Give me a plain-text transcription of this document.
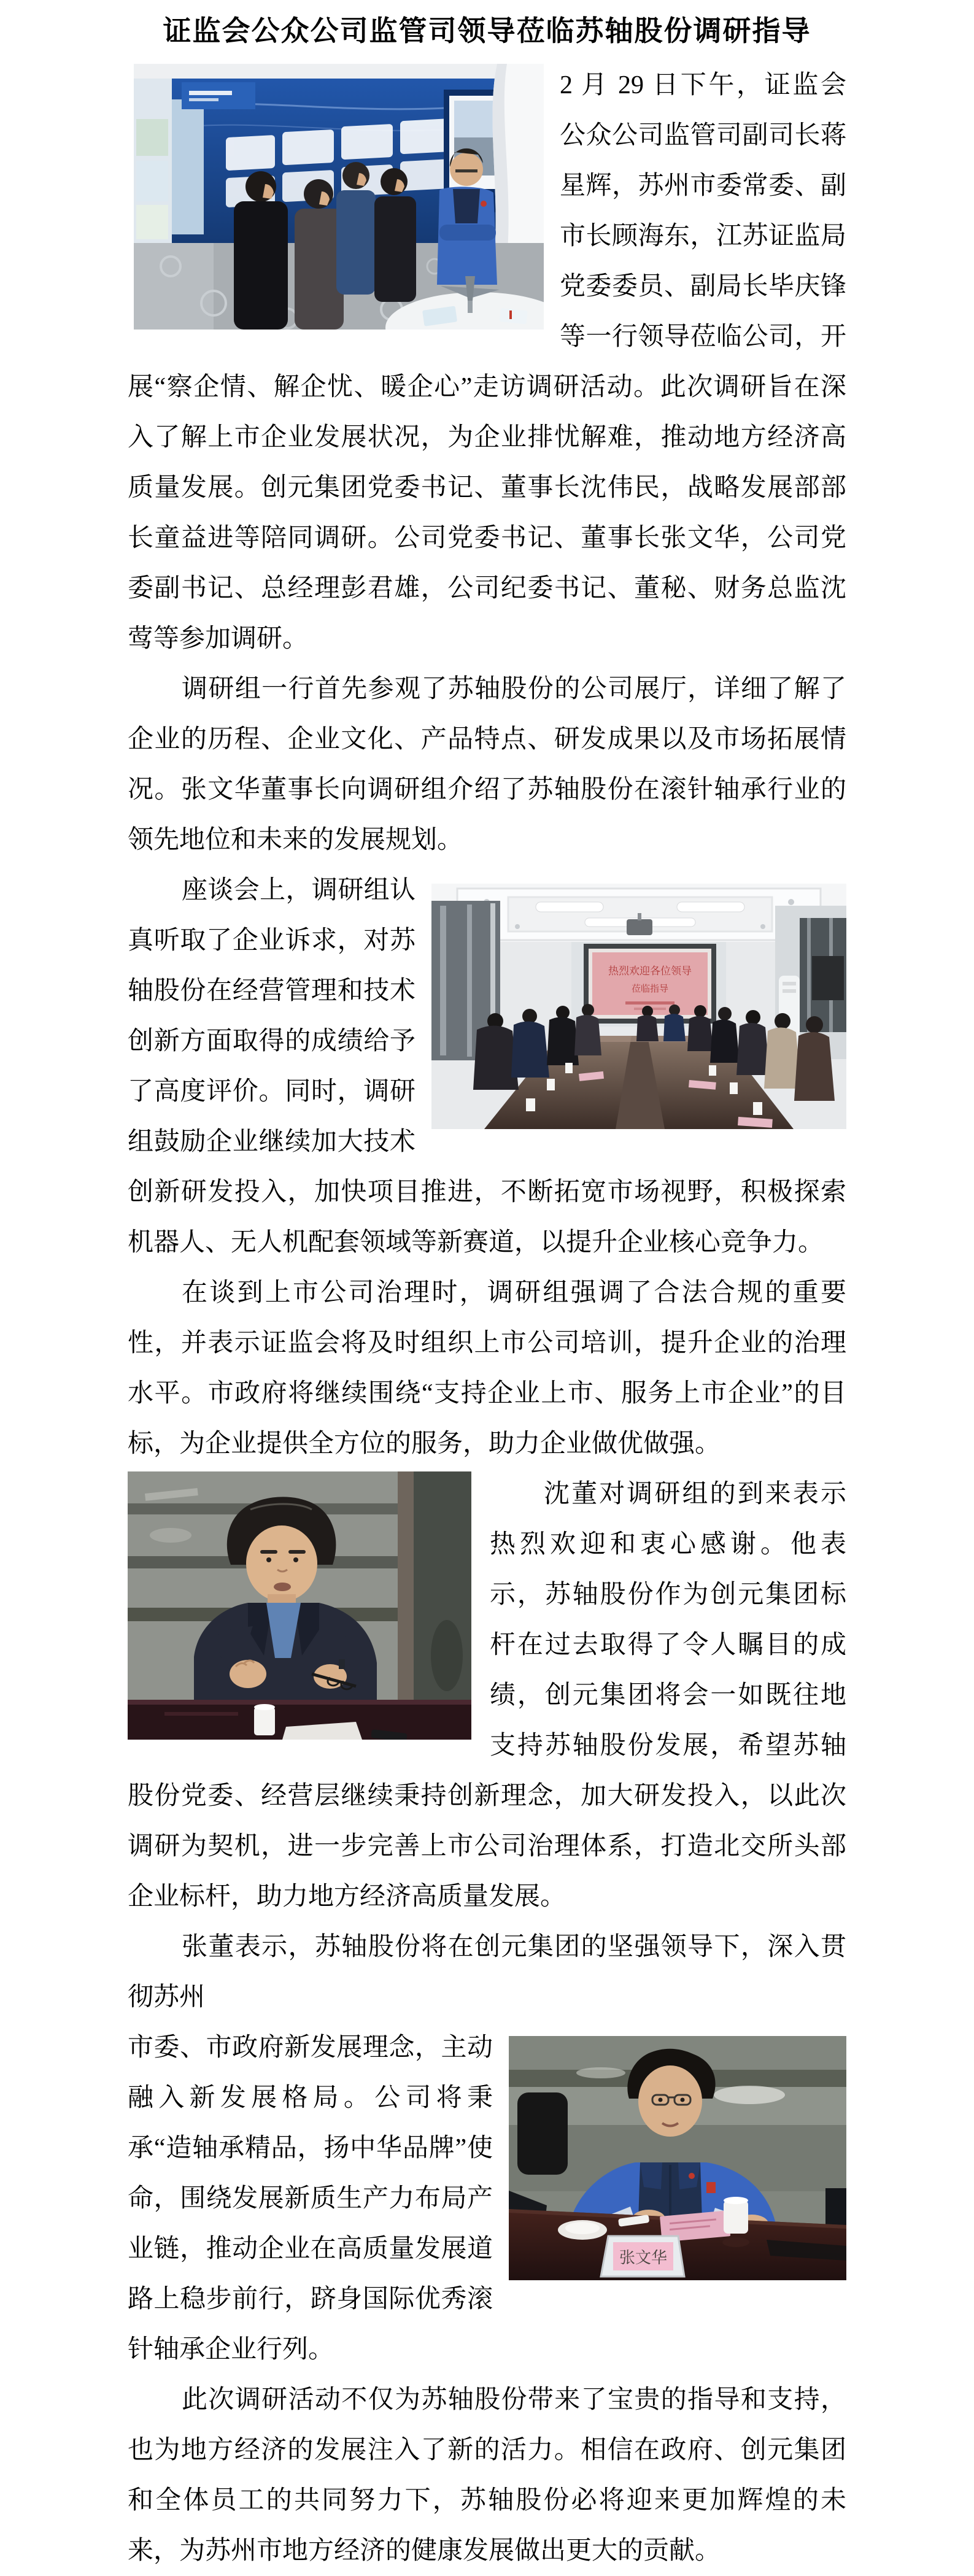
证监会公众公司监管司领导莅临苏轴股份调研指导
2 月 29 日下午，证监会公众公司监管司副司长蒋星辉，苏州市委常委、副市长顾海东，江苏证监局党委委员、副局长毕庆锋等一行领导莅临公司，开展“察企情、解企忧、暖企心”走访调研活动。此次调研旨在深入了解上市企业发展状况，为企业排忧解难，推动地方经济高质量发展。创元集团党委书记、董事长沈伟民，战略发展部部长童益进等陪同调研。公司党委书记、董事长张文华，公司党委副书记、总经理彭君雄，公司纪委书记、董秘、财务总监沈莺等参加调研。
调研组一行首先参观了苏轴股份的公司展厅，详细了解了企业的历程、企业文化、产品特点、研发成果以及市场拓展情况。张文华董事长向调研组介绍了苏轴股份在滚针轴承行业的领先地位和未来的发展规划。
热烈欢迎各位领导
莅临指导
座谈会上，调研组认真听取了企业诉求，对苏轴股份在经营管理和技术创新方面取得的成绩给予了高度评价。同时，调研组鼓励企业继续加大技术创新研发投入，加快项目推进，不断拓宽市场视野，积极探索机器人、无人机配套领域等新赛道，以提升企业核心竞争力。
在谈到上市公司治理时，调研组强调了合法合规的重要性，并表示证监会将及时组织上市公司培训，提升企业的治理水平。市政府将继续围绕“支持企业上市、服务上市企业”的目标，为企业提供全方位的服务，助力企业做优做强。
沈董对调研组的到来表示热烈欢迎和衷心感谢。他表示，苏轴股份作为创元集团标杆在过去取得了令人瞩目的成绩，创元集团将会一如既往地支持苏轴股份发展，希望苏轴股份党委、经营层继续秉持创新理念，加大研发投入，以此次调研为契机，进一步完善上市公司治理体系，打造北交所头部企业标杆，助力地方经济高质量发展。
张董表示，苏轴股份将在创元集团的坚强领导下，深入贯彻苏州
张文华
市委、市政府新发展理念，主动融入新发展格局。公司将秉承“造轴承精品，扬中华品牌”使命，围绕发展新质生产力布局产业链，推动企业在高质量发展道路上稳步前行，跻身国际优秀滚针轴承企业行列。
此次调研活动不仅为苏轴股份带来了宝贵的指导和支持，也为地方经济的发展注入了新的活力。相信在政府、创元集团和全体员工的共同努力下，苏轴股份必将迎来更加辉煌的未来，为苏州市地方经济的健康发展做出更大的贡献。
